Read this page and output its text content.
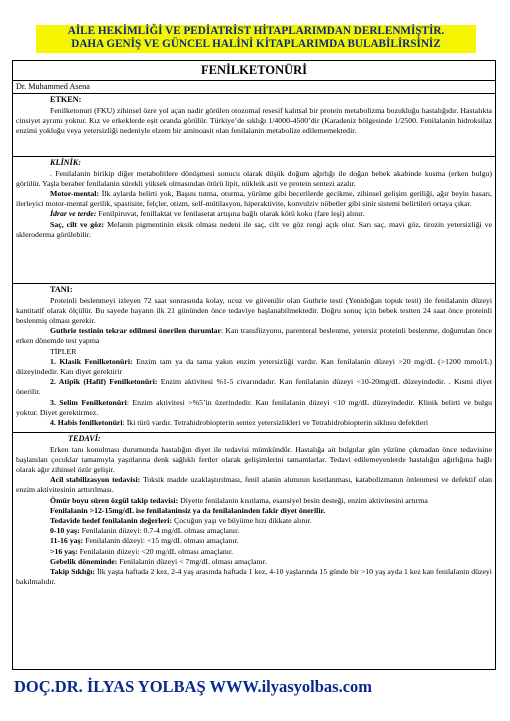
AİLE HEKİMLİĞİ VE PEDİATRİST HİTAPLARIMDAN DERLENMİŞTİR.
DAHA GENİŞ VE GÜNCEL HALİNİ KİTAPLARIMDA BULABİLİRSİNİZ
FENİLKETONÜRİ
Dr. Muhammed Asena
ETKEN:

Fenilketonuri (FKU) zihinsel özre yol açan nadir görülen otozomal resesif kalıtsal bir protein metabolizma bozukluğu hastalığıdır. Hastalıkta cinsiyet ayrımı yoktur. Kız ve erkeklerde eşit oranda görülür. Türkiye’de sıklığı 1/4000-4500’dir (Karadeniz bölgesinde 1/2500. Fenilalanin hidroksilaz enzimi yokluğu veya yetersizliği nedeniyle elzem bir aminoasit olan fenilalanin metabolize edilememektedir.

KLİNİK:

. Fenilalanin birikip diğer metabolitlere dönüşmesi sonucu olarak düşük doğum ağırlığı ile doğan bebek akabinde kusma (erken bulgu) görülür. Yaşla beraber fenilalanin sürekli yüksek olmasından ötürü lipit, nükleik asit ve protein sentezi azalır.

Motor-mental: İlk aylarda belirti yok, Başını tutma, oturma, yürüme gibi becerilerde gecikme, zihinsel gelişim geriliği, ağır beyin hasarı, ilerleyici motor-mental gerilik, spastisite, felçler, otizm, self-mütilasyon, hiperaktivite, konvulziv nöbetler gibi sinir sistemi belirtileri ortaya çıkar.

İdrar ve terde: Fenilpiruvat, fenillaktat ve fenilasetat artışına bağlı olarak kötü koku (fare leşi) alınır.

Saç, cilt ve göz: Melanin pigmentinin eksik olması nedeni ile saç, cilt ve göz rengi açık olur. Sarı saç, mavi göz, tirozin yetersizliği ve skleroderma görülebilir.

TANI:

Proteinli beslenmeyi izleyen 72 saat sonrasında kolay, ucuz ve güvenilir olan Guthrie testi (Yenidoğan topuk testi) ile fenilalanin düzeyi kantitatif olarak ölçülür. Bu sayede hayatın ilk 21 gününden önce tedaviye başlanabilmektedir. Doğru sonuç için bebek testten 24 saat önce proteinli beslenmiş olması gerekir.

Guthrie testinin tekrar edilmesi önerilen durumlar: Kan transfüzyonu, parenteral beslenme, yetersiz proteinli beslenme, doğumdan önce erken dönemde test yapma

TİPLER

1. Klasik Fenilketonüri: Enzim tam ya da tama yakın enzim yetersizliği vardır. Kan fenilalanin düzeyi >20 mg/dL (>1200 mmol/L) düzeyindedir. Katı diyet gerektirir

2. Atipik (Hafif) Fenilketonüri: Enzim aktivitesi %1-5 civarındadır. Kan fenilalanin düzeyi <10-20mg/dL düzeyindedir. . Kısmi diyet önerilir.

3. Selim Fenilketonüri: Enzim aktivitesi >%5’in üzerindedir. Kan fenilalanin düzeyi <10 mg/dL düzeyindedir. Klinik belirti ve bulgu yoktur. Diyet gerektirmez.

4. Habis fenilketonüri: İki türü vardır. Tetrahidrobiopterin sentez yetersizlikleri ve Tetrahidrobiopterin siklusu defektleri

TEDAVİ:

Erken tanı konulması durumunda hastalığın diyet ile tedavisi mümkündür. Hastalığa ait bulgular gün yüzüne çıkmadan önce tedavisine başlanılan çocuklar tamamıyla yaşıtlarına denk sağlıklı fertler olarak gelişimlerini tamamlarlar. Tedavi edilemeyenlerde hastalığın ağırlığına bağlı olarak ağır zihinsel özür gelişir.

Acil stabilizasyon tedavisi: Toksik madde uzaklaştırılması, fenil alanin alımının kısıtlanması, katabolizmanın önlenmesi ve defektif olan enzim aktivitesinin arttırılması.

Ömür boyu süren özgül takip tedavisi: Diyette fenilalanin kısıtlama, esansiyel besin desteği, enzim aktivitesini artırma

Fenilalanin >12-15mg/dL ise fenilalaninsiz ya da fenilalaninden fakir diyet önerilir.

Tedavide hedef fenilalanin değerleri: Çocuğun yaşı ve büyüme hızı dikkate alınır.

0-10 yaş: Fenilalanin düzeyi: 0.7-4 mg/dL olması amaçlanır.

11-16 yaş: Fenilalanin düzeyi: <15 mg/dL olması amaçlanır.

>16 yaş: Fenilalanin düzeyi: <20 mg/dL olması amaçlanır.

Gebelik döneminde: Fenilalanin düzeyi < 7mg/dL olması amaçlanır.

Takip Sıklığı: İlk yaşta haftada 2 kez, 2-4 yaş arasında haftada 1 kez, 4-10 yaşlarında 15 günde bir >10 yaş ayda 1 kez kan fenilalanin düzeyi bakılmalıdır.

DOÇ.DR. İLYAS YOLBAŞ WWW.ilyasyolbas.com
